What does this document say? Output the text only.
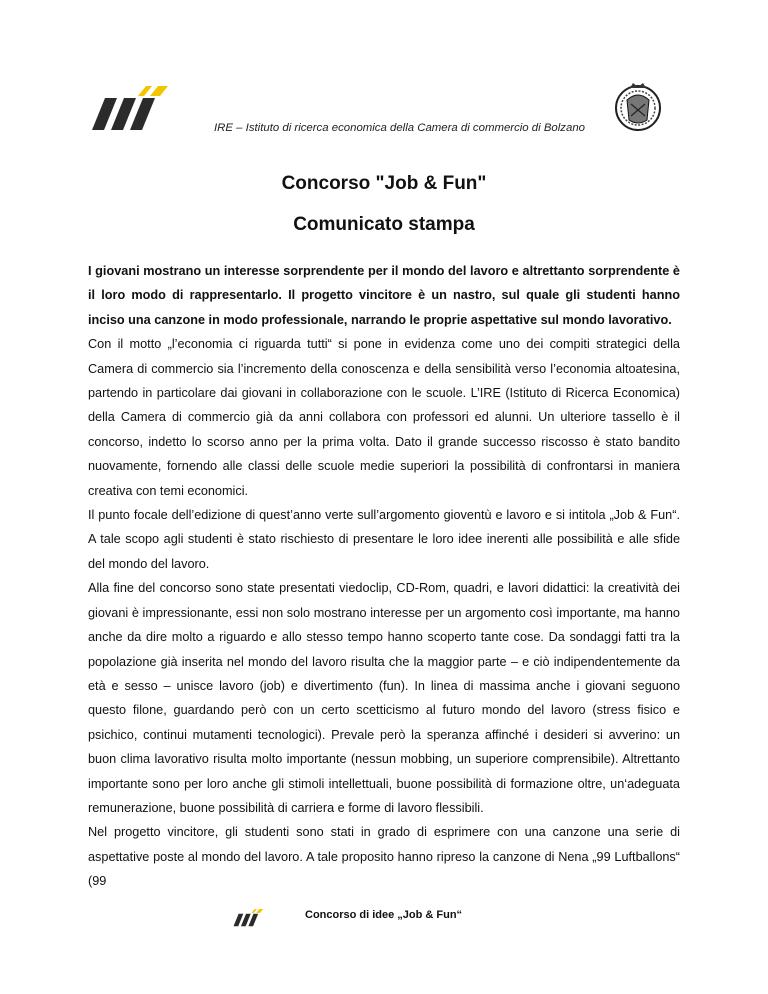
IRE – Istituto di ricerca economica della Camera di commercio di Bolzano
Concorso "Job & Fun"
Comunicato stampa

I giovani mostrano un interesse sorprendente per il mondo del lavoro e altrettanto sorprendente è il loro modo di rappresentarlo. Il progetto vincitore è un nastro, sul quale gli studenti hanno inciso una canzone in modo professionale, narrando le proprie aspettative sul mondo lavorativo.

Con il motto „l’economia ci riguarda tutti“ si pone in evidenza come uno dei compiti strategici della Camera di commercio sia l’incremento della conoscenza e della sensibilità verso l’economia altoatesina, partendo in particolare dai giovani in collaborazione con le scuole. L’IRE (Istituto di Ricerca Economica) della Camera di commercio già da anni collabora con professori ed alunni. Un ulteriore tassello è il concorso, indetto lo scorso anno per la prima volta. Dato il grande successo riscosso è stato bandito nuovamente, fornendo alle classi delle scuole medie superiori la possibilità di confrontarsi in maniera creativa con temi economici.

Il punto focale dell’edizione di quest’anno verte sull’argomento gioventù e lavoro e si intitola „Job & Fun“. A tale scopo agli studenti è stato rischiesto di presentare le loro idee inerenti alle possibilità e alle sfide del mondo del lavoro.

Alla fine del concorso sono state presentati viedoclip, CD-Rom, quadri, e lavori didattici: la creatività dei giovani è impressionante, essi non solo mostrano interesse per un argomento così importante, ma hanno anche da dire molto a riguardo e allo stesso tempo hanno scoperto tante cose. Da sondaggi fatti tra la popolazione già inserita nel mondo del lavoro risulta che la maggior parte – e ciò indipendentemente da età e sesso – unisce lavoro (job) e divertimento (fun). In linea di massima anche i giovani seguono questo filone, guardando però con un certo scetticismo al futuro mondo del lavoro (stress fisico e psichico, continui mutamenti tecnologici). Prevale però la speranza affinché i desideri si avverino: un buon clima lavorativo risulta molto importante (nessun mobbing, un superiore comprensibile). Altrettanto importante sono per loro anche gli stimoli intellettuali, buone possibilità di formazione oltre, un‘adeguata remunerazione, buone possibilità di carriera e forme di lavoro flessibili.

Nel progetto vincitore, gli studenti sono stati in grado di esprimere con una canzone una serie di aspettative poste al mondo del lavoro. A tale proposito hanno ripreso la canzone di Nena „99 Luftballons“ (99

Concorso di idee „Job & Fun“
